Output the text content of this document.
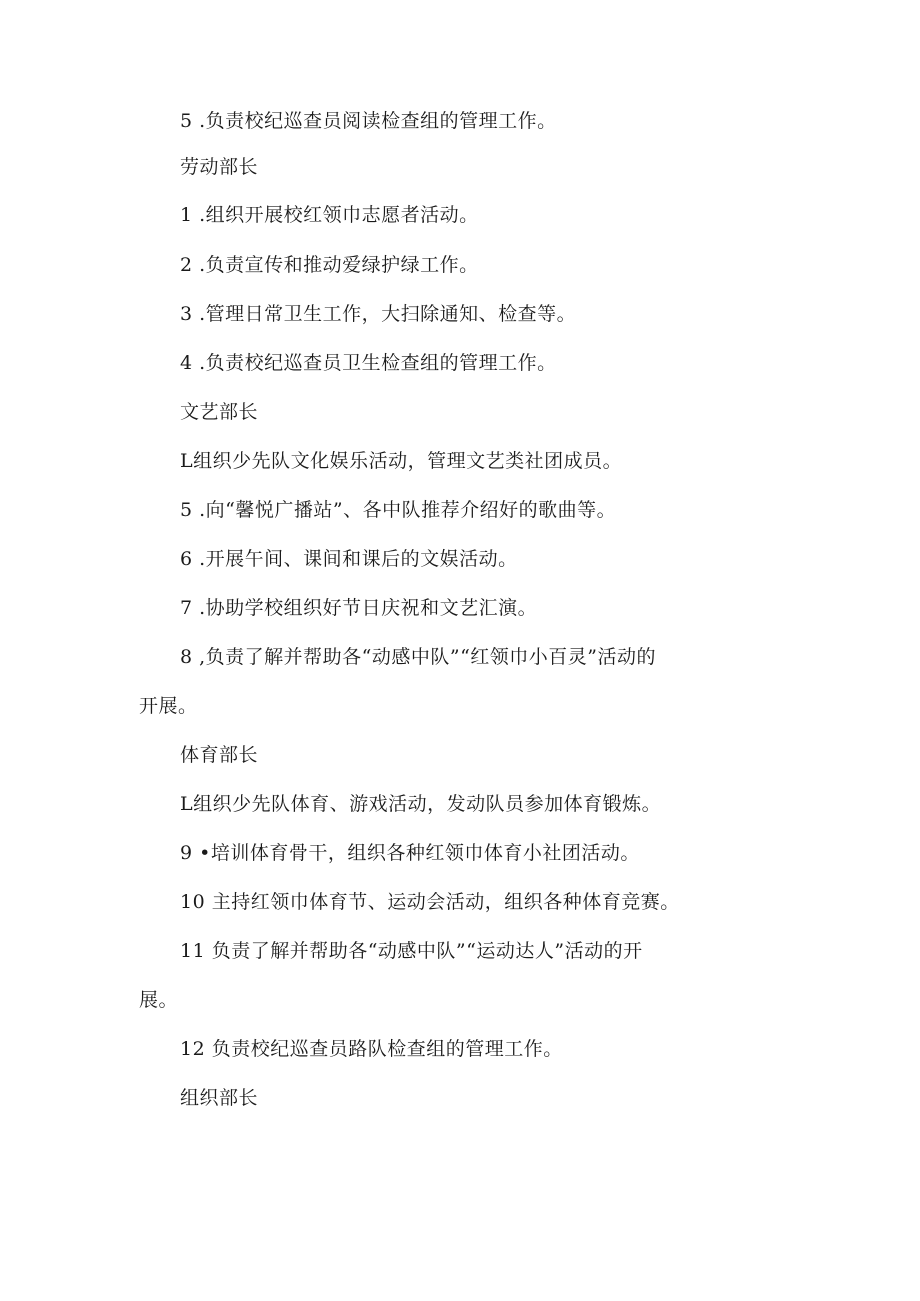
5 .负责校纪巡查员阅读检查组的管理工作。
劳动部长
1 .组织开展校红领巾志愿者活动。
2 .负责宣传和推动爱绿护绿工作。
3 .管理日常卫生工作，大扫除通知、检查等。
4 .负责校纪巡查员卫生检查组的管理工作。
文艺部长
L组织少先队文化娱乐活动，管理文艺类社团成员。
5 .向“馨悦广播站”、各中队推荐介绍好的歌曲等。
6 .开展午间、课间和课后的文娱活动。
7 .协助学校组织好节日庆祝和文艺汇演。
8 ,负责了解并帮助各“动感中队”“红领巾小百灵”活动的
开展。
体育部长
L组织少先队体育、游戏活动，发动队员参加体育锻炼。
9 •培训体育骨干，组织各种红领巾体育小社团活动。
10 主持红领巾体育节、运动会活动，组织各种体育竞赛。
11 负责了解并帮助各“动感中队”“运动达人”活动的开
展。
12 负责校纪巡查员路队检查组的管理工作。
组织部长
